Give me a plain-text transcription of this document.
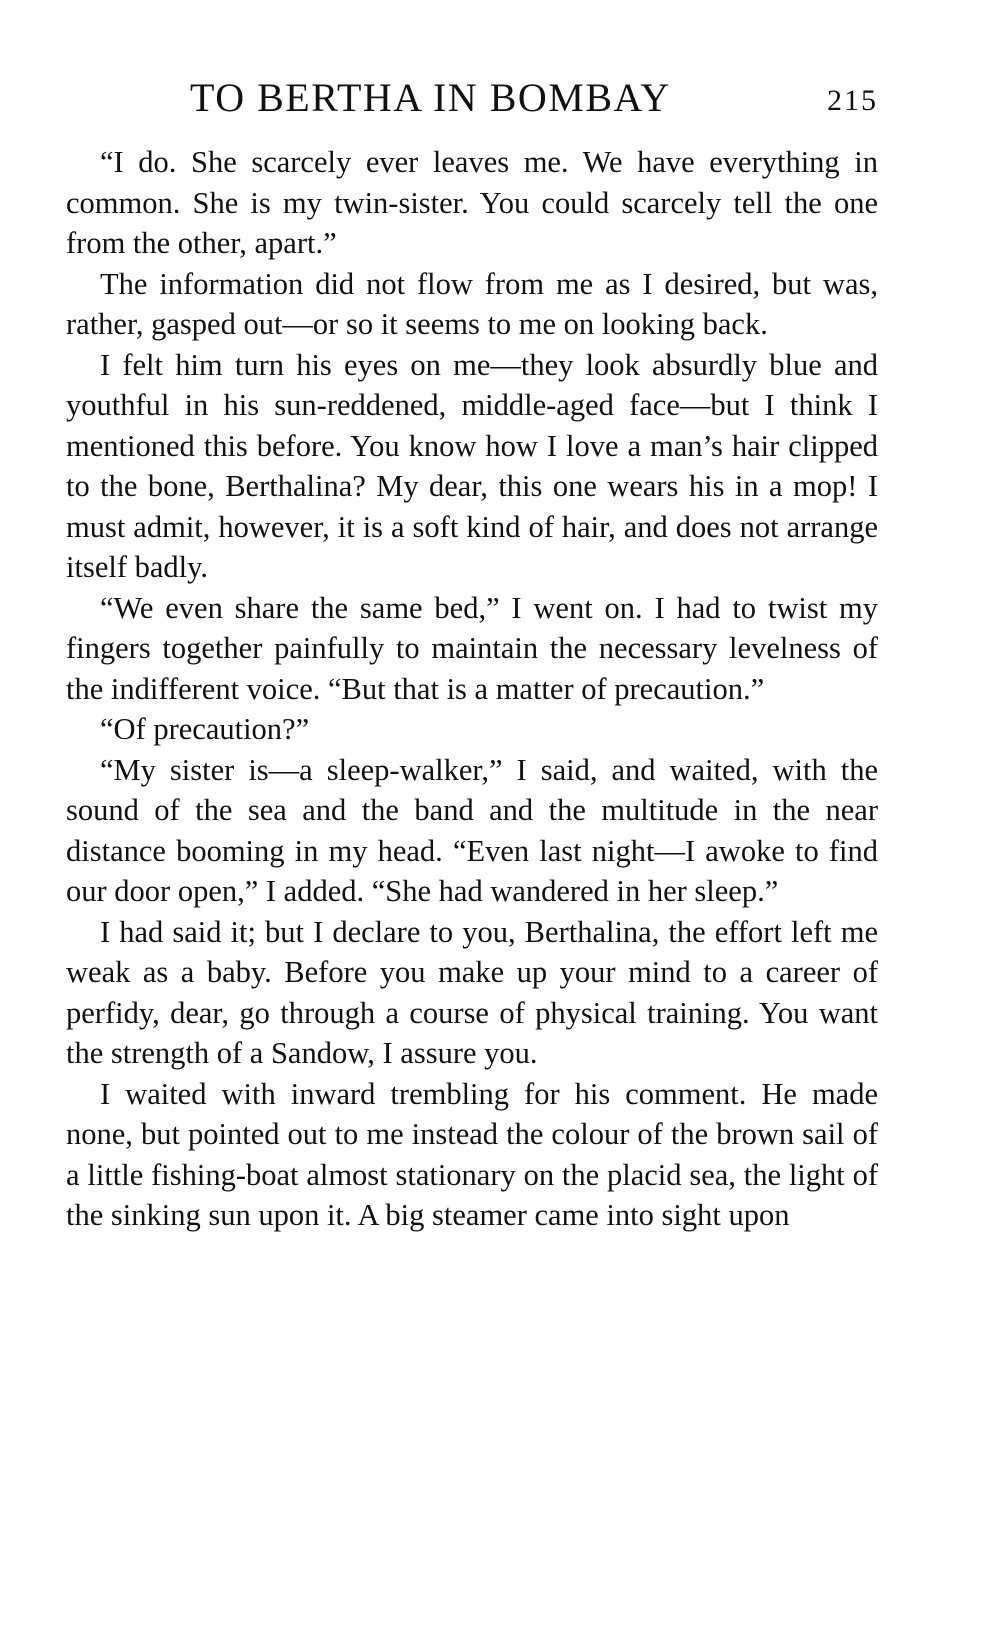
TO BERTHA IN BOMBAY	215

“I do. She scarcely ever leaves me. We have everything in common. She is my twin-sister. You could scarcely tell the one from the other, apart.”

The information did not flow from me as I desired, but was, rather, gasped out—or so it seems to me on looking back.

I felt him turn his eyes on me—they look absurdly blue and youthful in his sun-reddened, middle-aged face—but I think I mentioned this before. You know how I love a man’s hair clipped to the bone, Berthalina? My dear, this one wears his in a mop! I must admit, however, it is a soft kind of hair, and does not arrange itself badly.

“We even share the same bed,” I went on. I had to twist my fingers together painfully to maintain the necessary levelness of the indifferent voice. “But that is a matter of precaution.”

“Of precaution?”

“My sister is—a sleep-walker,” I said, and waited, with the sound of the sea and the band and the multitude in the near distance booming in my head. “Even last night—I awoke to find our door open,” I added. “She had wandered in her sleep.”

I had said it; but I declare to you, Berthalina, the effort left me weak as a baby. Before you make up your mind to a career of perfidy, dear, go through a course of physical training. You want the strength of a Sandow, I assure you.

I waited with inward trembling for his comment. He made none, but pointed out to me instead the colour of the brown sail of a little fishing-boat almost stationary on the placid sea, the light of the sinking sun upon it. A big steamer came into sight upon
